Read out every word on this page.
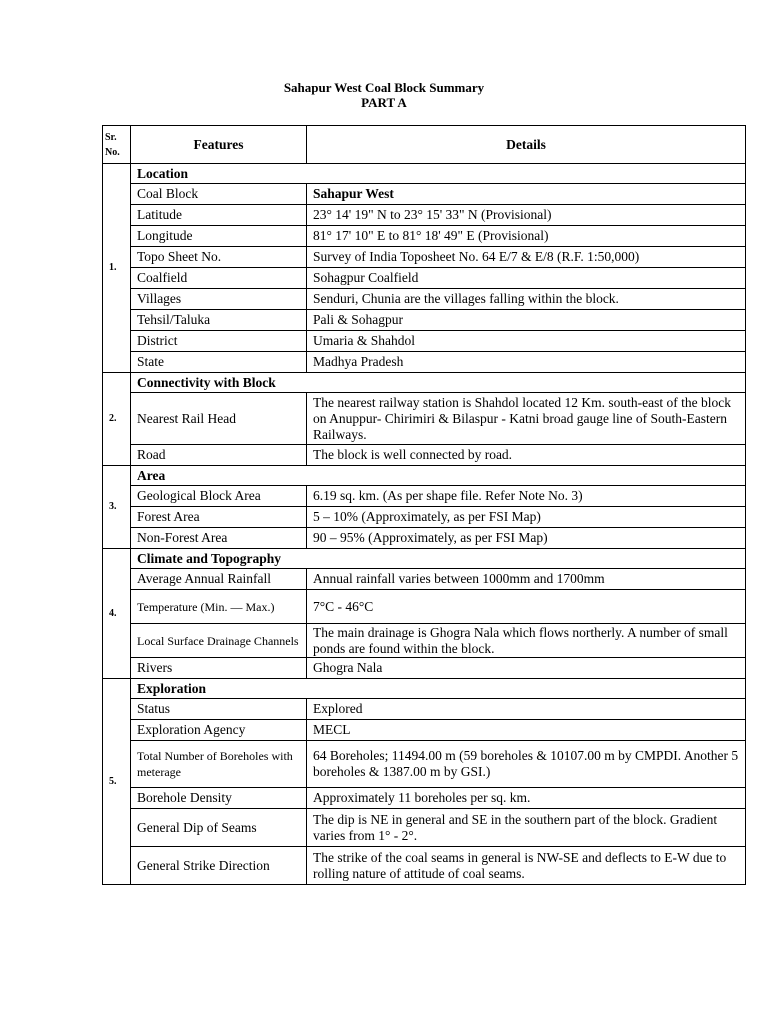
Sahapur West Coal Block Summary
PART A
Sr. No.	Features	Details
1.	Location	
	Coal Block	Sahapur West
	Latitude	23° 14' 19" N to 23° 15' 33" N (Provisional)
	Longitude	81° 17' 10" E to 81° 18' 49" E (Provisional)
	Topo Sheet No.	Survey of India Toposheet No. 64 E/7 & E/8 (R.F. 1:50,000)
	Coalfield	Sohagpur Coalfield
	Villages	Senduri, Chunia are the villages falling within the block.
	Tehsil/Taluka	Pali & Sohagpur
	District	Umaria & Shahdol
	State	Madhya Pradesh
2.	Connectivity with Block	
	Nearest Rail Head	The nearest railway station is Shahdol located 12 Km. south-east of the block on Anuppur- Chirimiri & Bilaspur - Katni broad gauge line of South-Eastern Railways.
	Road	The block is well connected by road.
3.	Area	
	Geological Block Area	6.19 sq. km. (As per shape file. Refer Note No. 3)
	Forest Area	5 – 10% (Approximately, as per FSI Map)
	Non-Forest Area	90 – 95% (Approximately, as per FSI Map)
4.	Climate and Topography	
	Average Annual Rainfall	Annual rainfall varies between 1000mm and 1700mm
	Temperature (Min. — Max.)	7°C - 46°C
	Local Surface Drainage Channels	The main drainage is Ghogra Nala which flows northerly. A number of small ponds are found within the block.
	Rivers	Ghogra Nala
5.	Exploration	
	Status	Explored
	Exploration Agency	MECL
	Total Number of Boreholes with meterage	64 Boreholes; 11494.00 m (59 boreholes & 10107.00 m by CMPDI. Another 5 boreholes & 1387.00 m by GSI.)
	Borehole Density	Approximately 11 boreholes per sq. km.
	General Dip of Seams	The dip is NE in general and SE in the southern part of the block. Gradient varies from 1° - 2°.
	General Strike Direction	The strike of the coal seams in general is NW-SE and deflects to E-W due to rolling nature of attitude of coal seams.
